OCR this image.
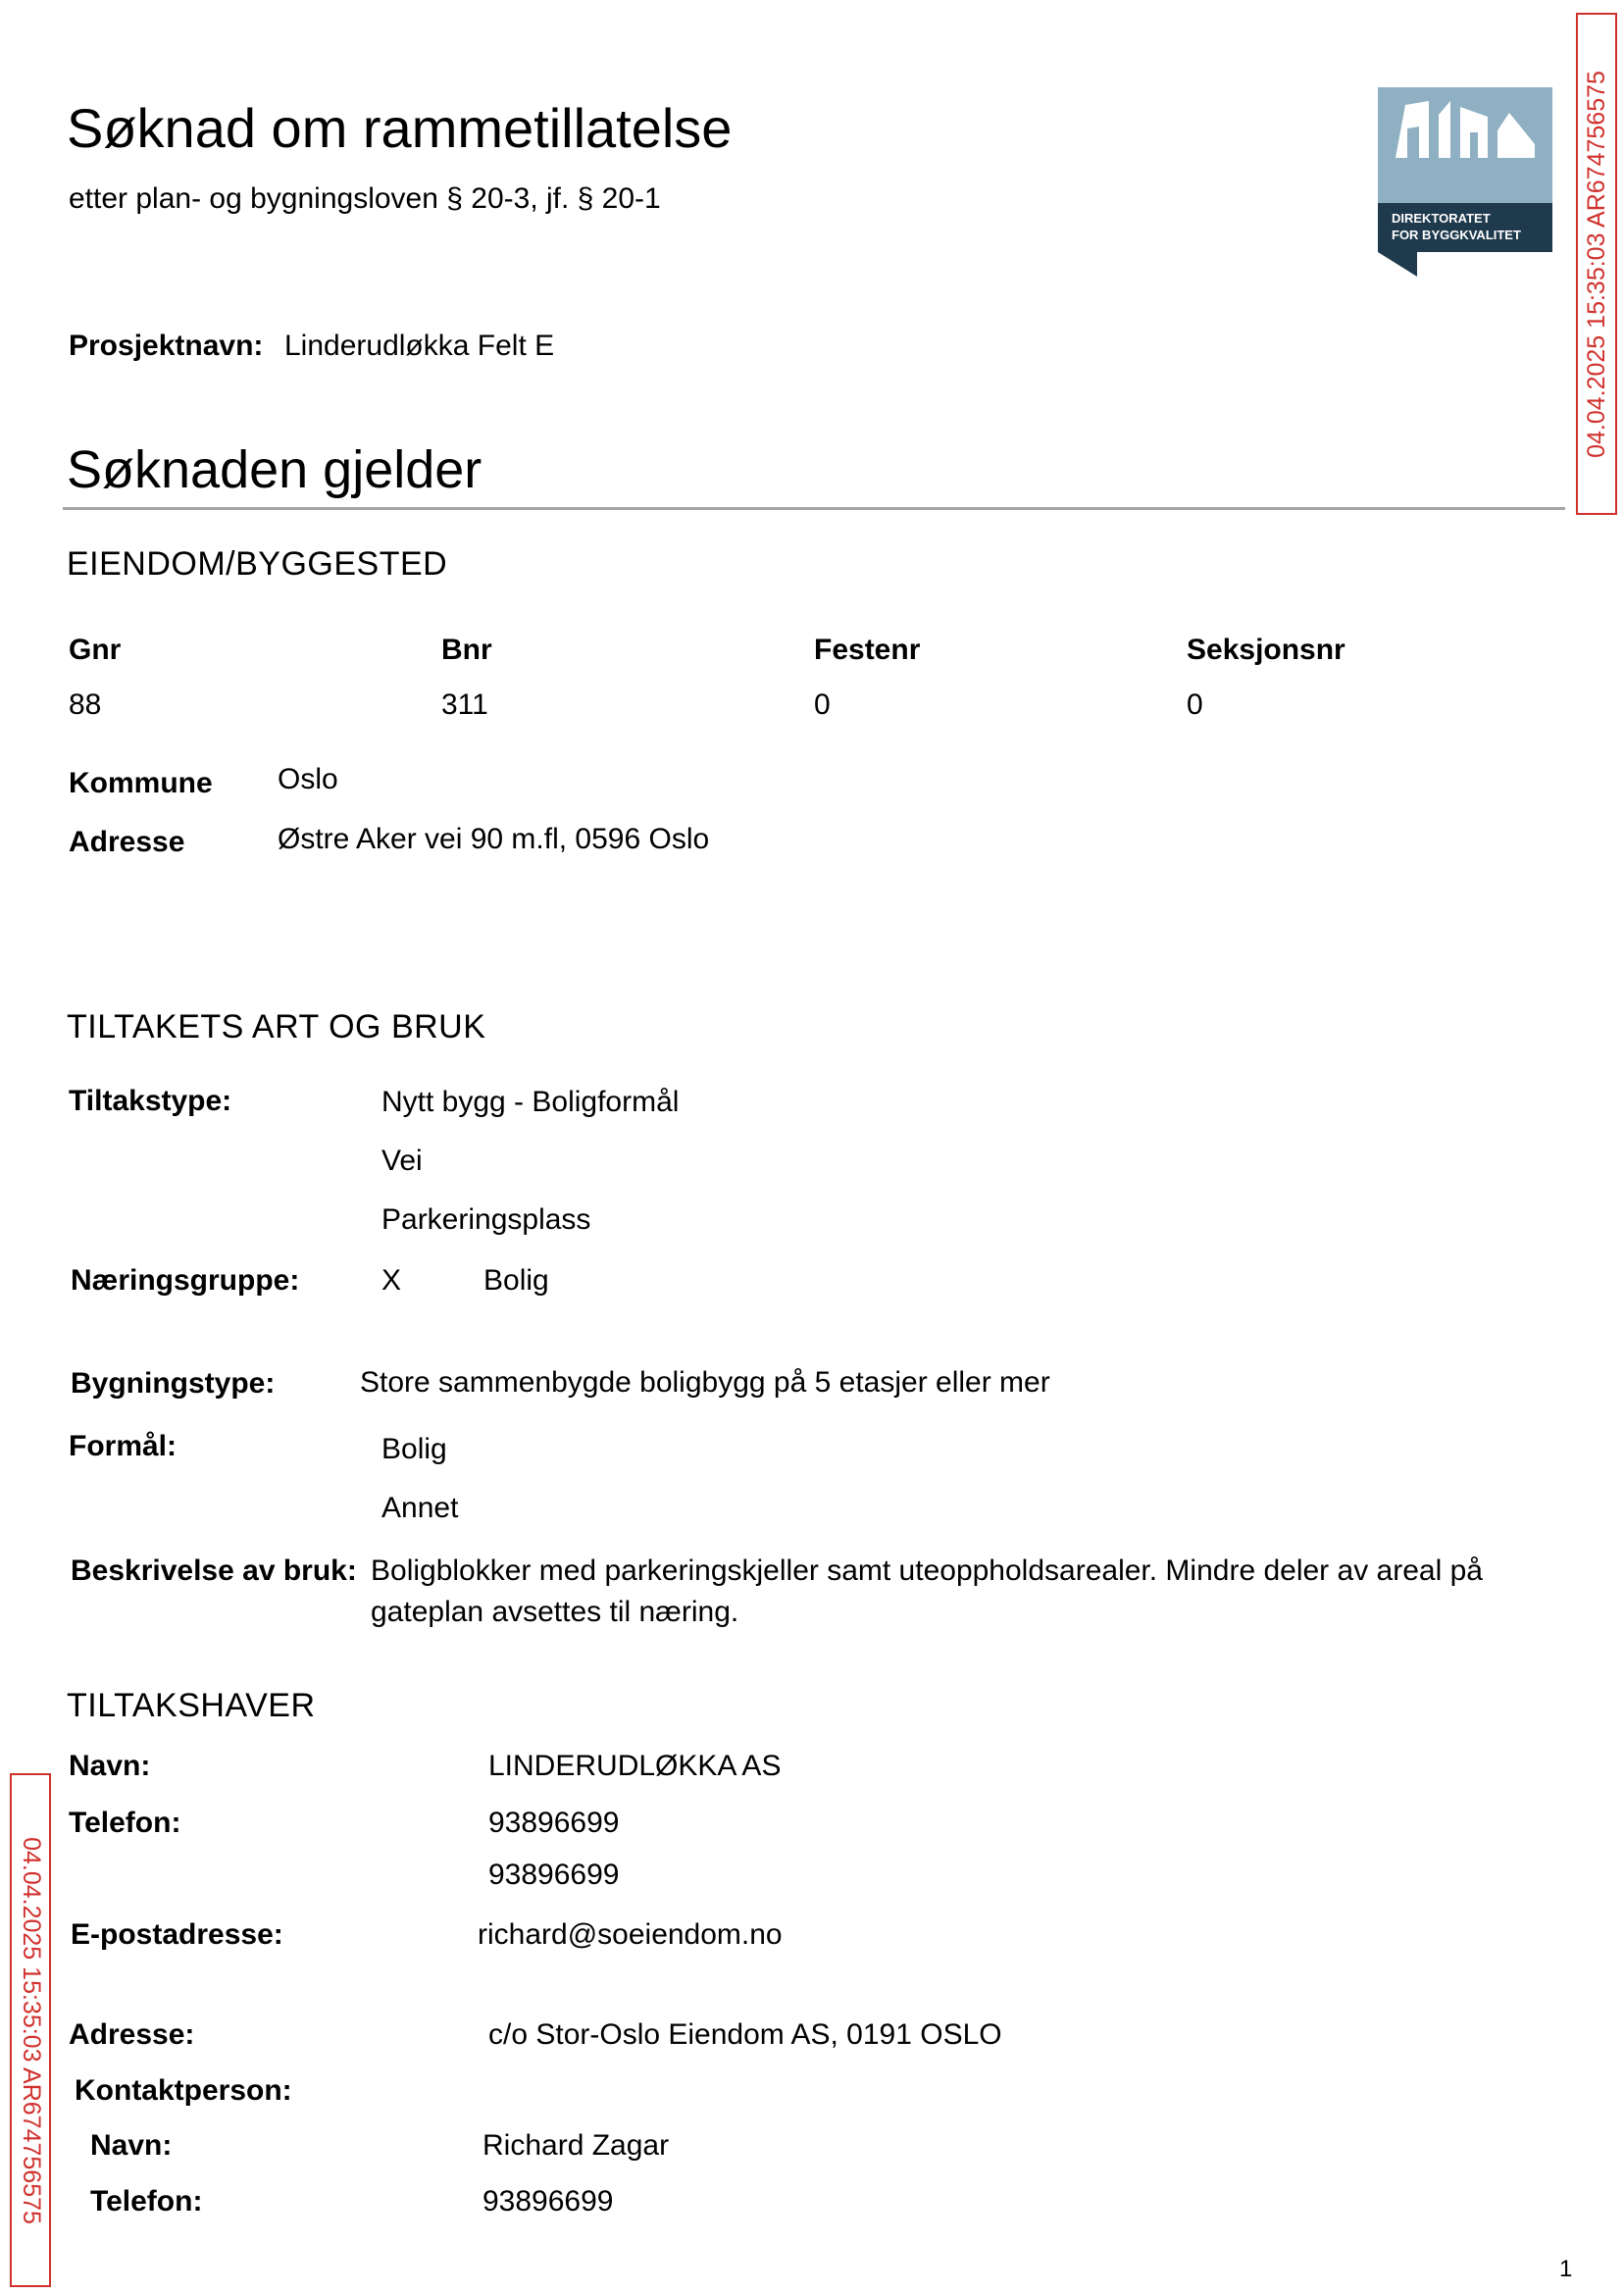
Søknad om rammetillatelse
etter plan- og bygningsloven § 20-3, jf. § 20-1
DIREKTORATET
FOR BYGGKVALITET
Prosjektnavn: Linderudløkka Felt E
Søknaden gjelder
EIENDOM/BYGGESTED
Gnr	Bnr	Festenr	Seksjonsnr
88	311	0	0
Kommune Oslo
Adresse	Østre Aker vei 90 m.fl, 0596 Oslo
TILTAKETS ART OG BRUK
Tiltakstype:	Nytt bygg - Boligformål
Vei
Parkeringsplass
Næringsgruppe:	X	Bolig
Bygningstype:	Store sammenbygde boligbygg på 5 etasjer eller mer
Formål:	Bolig
Annet
Beskrivelse av bruk: Boligblokker med parkeringskjeller samt uteoppholdsarealer. Mindre deler av areal på gateplan avsettes til næring.
TILTAKSHAVER
Navn:	LINDERUDLØKKA AS
Telefon:	93896699
93896699
E-postadresse:	richard@soeiendom.no
Adresse:	c/o Stor-Oslo Eiendom AS, 0191 OSLO
Kontaktperson:
Navn:	Richard Zagar
Telefon:	93896699
1
04.04.2025 15:35:03 AR674756575
04.04.2025 15:35:03 AR674756575
